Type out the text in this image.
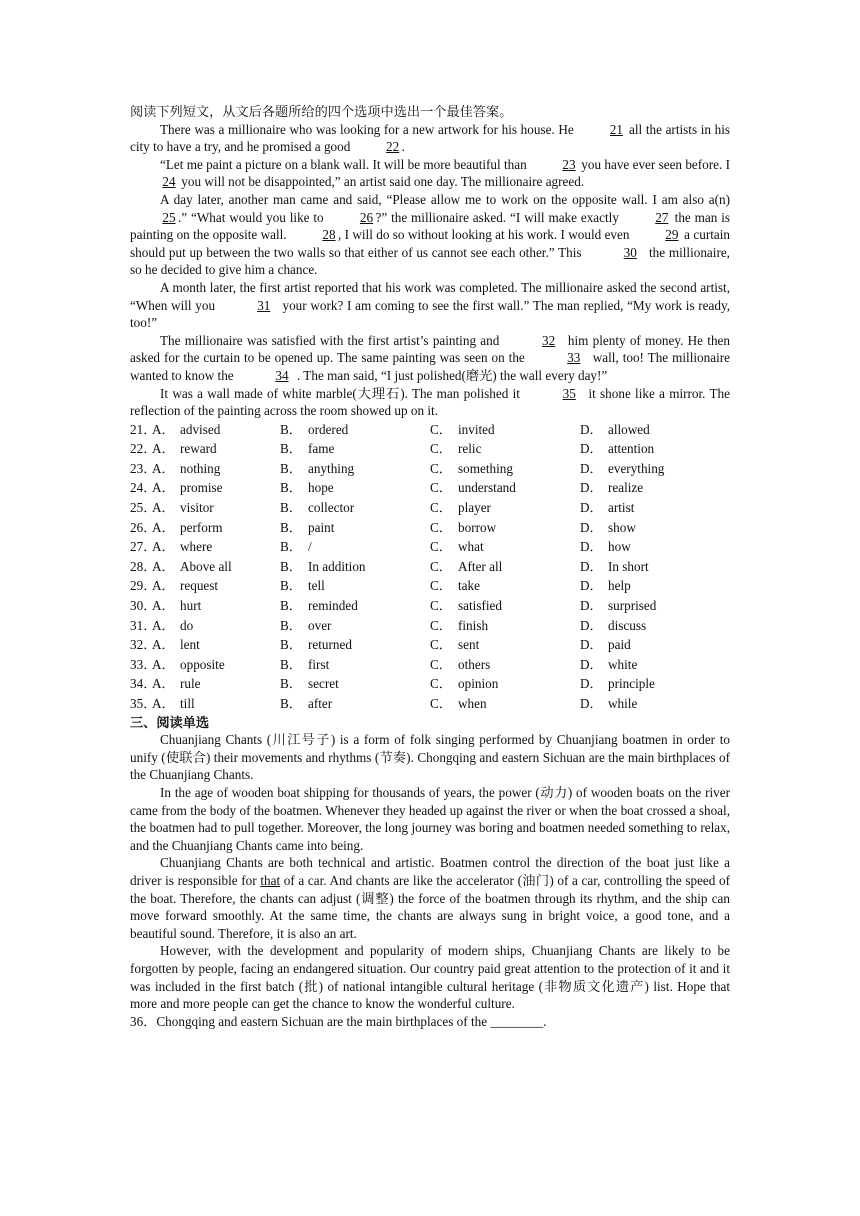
阅读下列短文，从文后各题所给的四个选项中选出一个最佳答案。

There was a millionaire who was looking for a new artwork for his house. He 21 all the artists in his city to have a try, and he promised a good 22 .

“Let me paint a picture on a blank wall. It will be more beautiful than 23 you have ever seen before. I 24 you will not be disappointed,” an artist said one day. The millionaire agreed.

A day later, another man came and said, “Please allow me to work on the opposite wall. I am also a(n) 25 .” “What would you like to 26 ?” the millionaire asked. “I will make exactly 27 the man is painting on the opposite wall. 28 , I will do so without looking at his work. I would even 29 a curtain should put up between the two walls so that either of us cannot see each other.” This	30 the millionaire, so he decided to give him a chance.

A month later, the first artist reported that his work was completed. The millionaire asked the second artist, “When will you	31 your work? I am coming to see the first wall.” The man replied, “My work is ready, too!”

The millionaire was satisfied with the first artist’s painting and	32 him plenty of money. He then asked for the curtain to be opened up. The same painting was seen on the	33 wall, too! The millionaire wanted to know the	34 . The man said, “I just polished(磨光) the wall every day!”

It was a wall made of white marble(大理石). The man polished it	35 it shone like a mirror. The reflection of the painting across the room showed up on it.

21．
A． advised	B． ordered	C． invited	D． allowed
22．
A． reward	B． fame	C． relic	D． attention
23．
A． nothing	B． anything	C． something	D． everything
24．
A． promise	B． hope	C． understand	D． realize
25．
A． visitor	B． collector	C． player	D． artist
26．
A． perform	B． paint	C． borrow	D． show
27．
A． where	B． /	C． what	D． how
28．
A． Above all	B． In addition	C． After all	D． In short
29．
A． request	B． tell	C． take	D． help
30．
A． hurt	B． reminded	C． satisfied	D． surprised
31．
A． do	B． over	C． finish	D． discuss
32．
A． lent	B． returned	C． sent	D． paid
33．
A． opposite	B． first	C． others	D． white
34．
A． rule	B． secret	C． opinion	D． principle
35．
A． till	B． after	C． when	D． while

三、阅读单选

Chuanjiang Chants (川江号子) is a form of folk singing performed by Chuanjiang boatmen in order to unify (使联合) their movements and rhythms (节奏). Chongqing and eastern Sichuan are the main birthplaces of the Chuanjiang Chants.

In the age of wooden boat shipping for thousands of years, the power (动力) of wooden boats on the river came from the body of the boatmen. Whenever they headed up against the river or when the boat crossed a shoal, the boatmen had to pull together. Moreover, the long journey was boring and boatmen needed something to relax, and the Chuanjiang Chants came into being.

Chuanjiang Chants are both technical and artistic. Boatmen control the direction of the boat just like a driver is responsible for that of a car. And chants are like the accelerator (油门) of a car, controlling the speed of the boat. Therefore, the chants can adjust (调整) the force of the boatmen through its rhythm, and the ship can move forward smoothly. At the same time, the chants are always sung in bright voice, a good tone, and a beautiful sound. Therefore, it is also an art.

However, with the development and popularity of modern ships, Chuanjiang Chants are likely to be forgotten by people, facing an endangered situation. Our country paid great attention to the protection of it and it was included in the first batch (批) of national intangible cultural heritage (非物质文化遗产) list. Hope that more and more people can get the chance to know the wonderful culture.

36．Chongqing and eastern Sichuan are the main birthplaces of the ________.
